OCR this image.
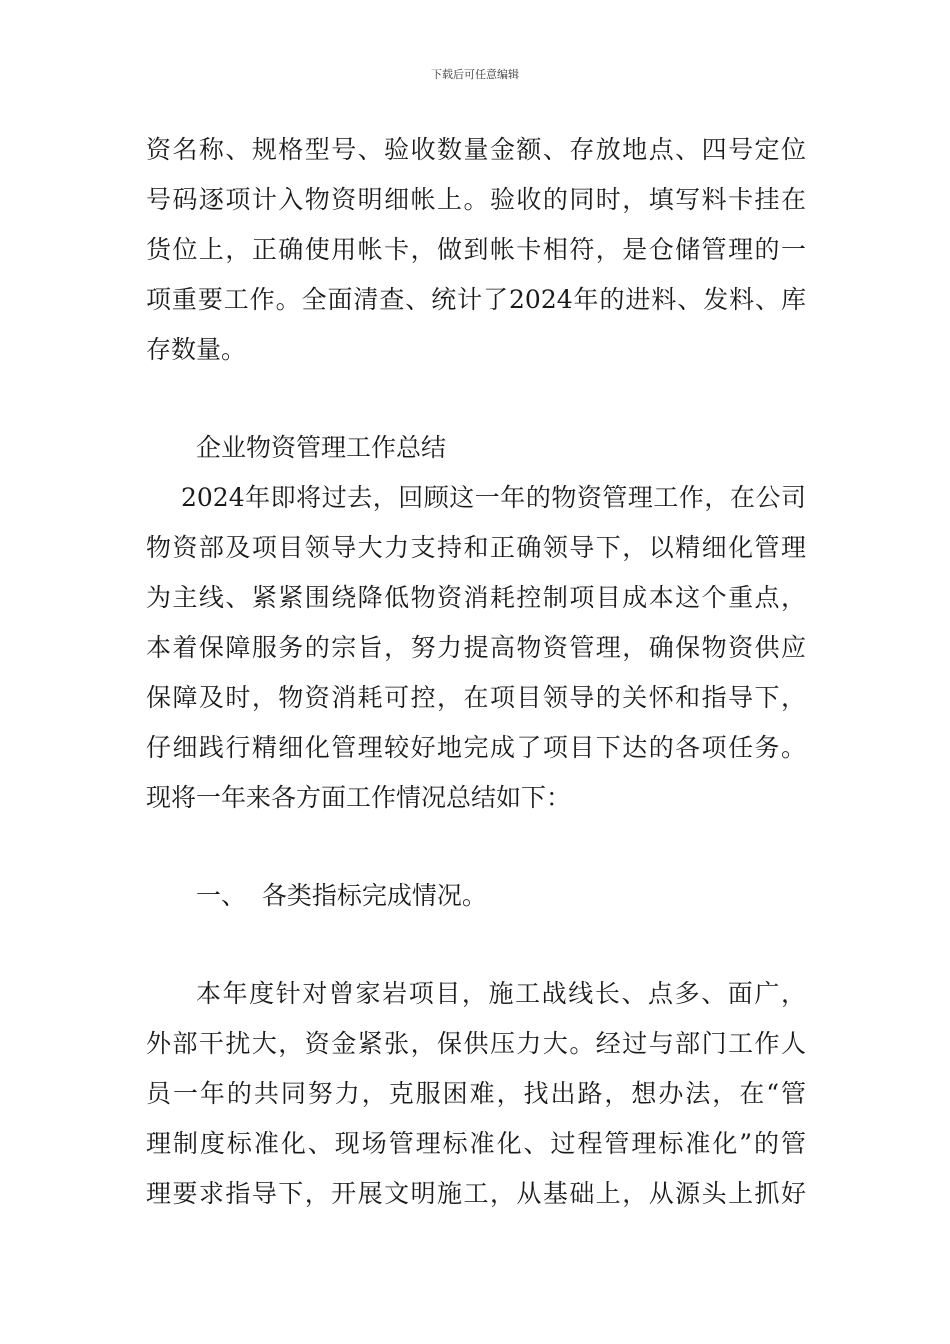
下载后可任意编辑
资名称、规格型号、验收数量金额、存放地点、四号定位
号码逐项计入物资明细帐上。验收的同时，填写料卡挂在
货位上，正确使用帐卡，做到帐卡相符，是仓储管理的一
项重要工作。全面清查、统计了2024年的进料、发料、库
存数量。
企业物资管理工作总结
2024年即将过去，回顾这一年的物资管理工作，在公司
物资部及项目领导大力支持和正确领导下，以精细化管理
为主线、紧紧围绕降低物资消耗控制项目成本这个重点，
本着保障服务的宗旨，努力提高物资管理，确保物资供应
保障及时，物资消耗可控，在项目领导的关怀和指导下，
仔细践行精细化管理较好地完成了项目下达的各项任务。
现将一年来各方面工作情况总结如下：
一、  各类指标完成情况。
本年度针对曾家岩项目，施工战线长、点多、面广，
外部干扰大，资金紧张，保供压力大。经过与部门工作人
员一年的共同努力，克服困难，找出路，想办法，在“管
理制度标准化、现场管理标准化、过程管理标准化”的管
理要求指导下，开展文明施工，从基础上，从源头上抓好
